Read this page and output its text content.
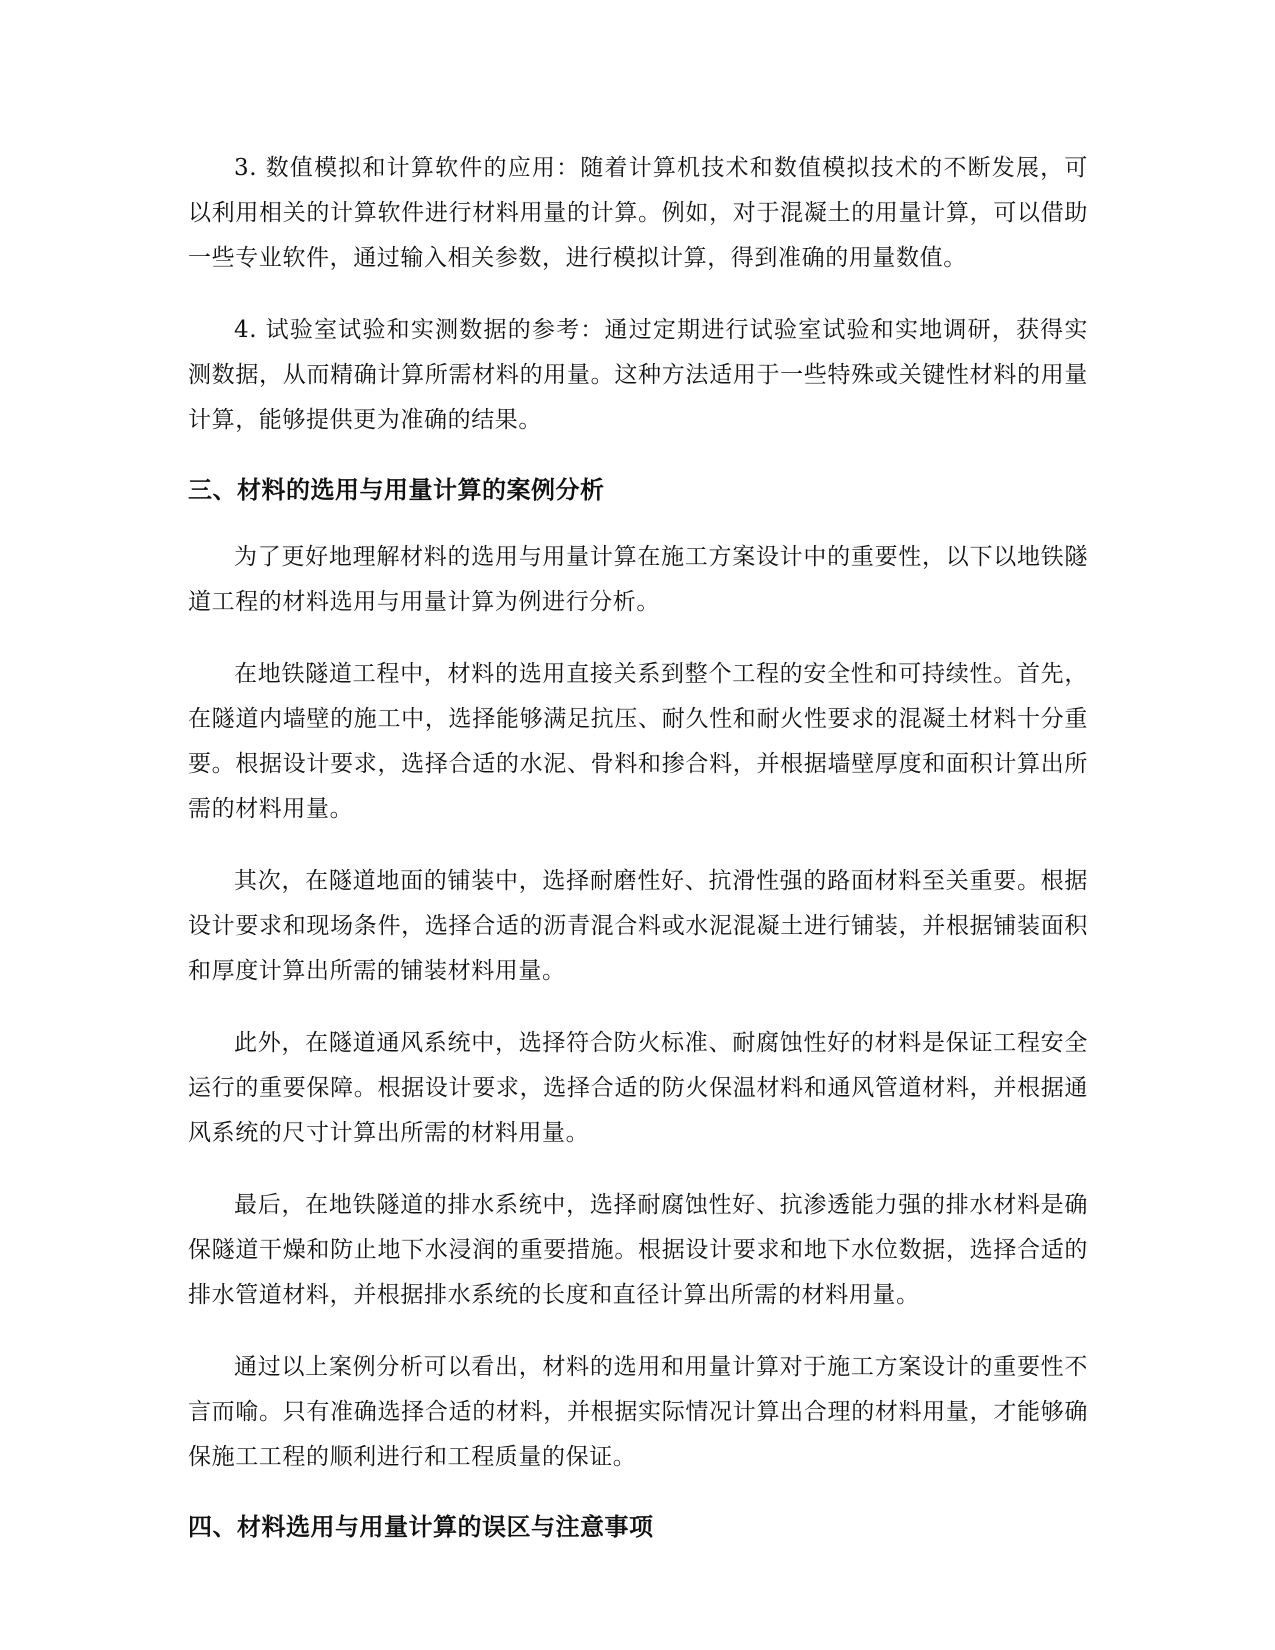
3. 数值模拟和计算软件的应用：随着计算机技术和数值模拟技术的不断发展，可以利用相关的计算软件进行材料用量的计算。例如，对于混凝土的用量计算，可以借助一些专业软件，通过输入相关参数，进行模拟计算，得到准确的用量数值。

4. 试验室试验和实测数据的参考：通过定期进行试验室试验和实地调研，获得实测数据，从而精确计算所需材料的用量。这种方法适用于一些特殊或关键性材料的用量计算，能够提供更为准确的结果。

三、材料的选用与用量计算的案例分析

为了更好地理解材料的选用与用量计算在施工方案设计中的重要性，以下以地铁隧道工程的材料选用与用量计算为例进行分析。

在地铁隧道工程中，材料的选用直接关系到整个工程的安全性和可持续性。首先，在隧道内墙壁的施工中，选择能够满足抗压、耐久性和耐火性要求的混凝土材料十分重要。根据设计要求，选择合适的水泥、骨料和掺合料，并根据墙壁厚度和面积计算出所需的材料用量。

其次，在隧道地面的铺装中，选择耐磨性好、抗滑性强的路面材料至关重要。根据设计要求和现场条件，选择合适的沥青混合料或水泥混凝土进行铺装，并根据铺装面积和厚度计算出所需的铺装材料用量。

此外，在隧道通风系统中，选择符合防火标准、耐腐蚀性好的材料是保证工程安全运行的重要保障。根据设计要求，选择合适的防火保温材料和通风管道材料，并根据通风系统的尺寸计算出所需的材料用量。

最后，在地铁隧道的排水系统中，选择耐腐蚀性好、抗渗透能力强的排水材料是确保隧道干燥和防止地下水浸润的重要措施。根据设计要求和地下水位数据，选择合适的排水管道材料，并根据排水系统的长度和直径计算出所需的材料用量。

通过以上案例分析可以看出，材料的选用和用量计算对于施工方案设计的重要性不言而喻。只有准确选择合适的材料，并根据实际情况计算出合理的材料用量，才能够确保施工工程的顺利进行和工程质量的保证。

四、材料选用与用量计算的误区与注意事项
